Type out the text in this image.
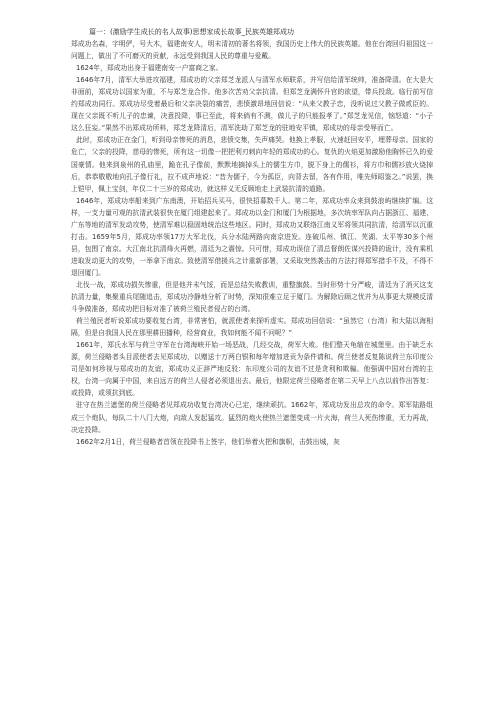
篇一：(激励学生成长的名人故事)思想家成长故事_民族英雄郑成功

郑成功名森，字明俨，号大木，福建南安人，明末清初的著名将领，我国历史上伟大的民族英雄。他在台湾回归祖国这一问题上，做出了不可磨灭的贡献，永远受到我国人民的尊重与爱戴。

1624年，郑成功出身于福建南安一户富商之家。

1646年7月，清军大举进攻福建，郑成功的父亲郑芝龙派人与清军水师联系，并写信给清军统帅，准备降清。在大是大非面前，郑成功以国家为重，不与郑芝龙合作。他多次苦劝父亲抗清。但郑芝龙满怀升官的欲望，带兵投敌。临行前写信约郑成功同行。郑成功尽受着最后和父亲决裂的痛苦，悲愤激昂地回信说：“从来父教子忠，没听说过父教子做贰臣的。现在父亲既不听儿子的忠谏，决意投降，事已至此，将来倘有不测，做儿子的只能报孝了。”郑芝龙见信，恼怒道：“小子这么狂妄。”果然不出郑成功所料，郑芝龙降清后，清军洗劫了郑芝龙的驻地安平镇，郑成功的母亲受辱而亡。

此时，郑成功正在金门，听到母亲惨死的消息，悲愤交集，失声痛哭。他换上孝服，火速赶回安平，埋葬母亲。国家的危亡，父亲的投降，慈母的惨死，所有这一切像一把把利刃刺向年轻的郑成功的心。复仇的火焰更加激励他胸怀已久的爱国豪情。他来到泉州的孔庙里，跪在孔子像前，默默地摘掉头上的儒生方巾，脱下身上的儒衫，将方巾和儒衫放火烧掉后，恭恭敬敬地向孔子像行礼，拉不成声地说：“昔为儒子，今为孤臣，向背去留，各有作用，唯先师昭鉴之。”说罢，换上铠甲，佩上宝剑，年仅二十三岁的郑成功，就这样义无反顾地走上武装抗清的道路。

1646年，郑成功率船来到广东南澳，开始招兵买马，很快招募数千人。第二年，郑成功率众来到鼓浪屿继续扩编。这样，一支力量可观的抗清武装很快在厦门组建起来了。郑成功以金门和厦门为根据地，多次统率军队向占据浙江、福建、广东等地的清军发动攻势，使清军难以稳固地统治这些地区。同时，郑成功又联络江南义军将领共同抗清，给清军以沉重打击。1659年5月，郑成功率领17万大军北伐，兵分水陆两路向南京进发。连破瓜州、镇江、芜湖、太平等30多个州县，包围了南京。大江南北抗清烽火再燃，清廷为之震惊。只可惜，郑成功误信了清总督朗佐谋兴投降的诡计，没有乘机进取发动更大的攻势，一举拿下南京。致使清军借援兵之计重新部署，又采取突然袭击的方法打得郑军措手不及，不得不退回厦门。

北伐一战，郑成功损失惨重，但是他并未气馁，而是总结失败教训，重整旗鼓。当时形势十分严峻，清廷为了消灭这支抗清力量，集聚重兵尾随追击，郑成功冷静地分析了时势，深知很难立足于厦门。为解除后顾之忧并为从事更大规模反清斗争做准备，郑成功把目标对准了被荷兰殖民者侵占的台湾。

荷兰殖民者听说郑成功要收复台湾，非常害怕，就派使者来探听虚实。郑成功回信说：“虽然它（台湾）和大陆以海相隔，但是自我国人民在那里耕田播种，经营商业，我如何能不闻不问呢？”

1661年，郑氏水军与荷兰守军在台湾海峡开始一场恶战，几经交战，荷军大败。他们整天龟缩在城堡里。由于缺乏水源，荷兰侵略者头目派使者去见郑成功，以赠送十万两白银和每年增加进贡为条件请和。荷兰使者反复陈说荷兰东印度公司是如何珍视与郑成功的友谊，郑成功义正辞严地反驳：东印度公司的友谊不过是贪利和欺骗。他强调中国对台湾的主权，台湾一向属于中国，来自远方的荷兰人侵者必须退出去。最后，他限定荷兰侵略者在第二天早上八点以前作出答复：或投降，或须抗到底。

驻守在热兰遮堡的荷兰侵略者见郑成功收复台湾决心已定，继续顽抗。1662年，郑成功发出总攻的命令。郑军陆路组成三个炮队，每队二十八门大炮，向敌人发起猛攻。猛烈的炮火使热兰遮堡变成一片火海，荷兰人死伤惨重，无力再战，决定投降。

1662年2月1日，荷兰侵略者首领在投降书上签字，他们举着火把和旗帜，击鼓出城，灰
